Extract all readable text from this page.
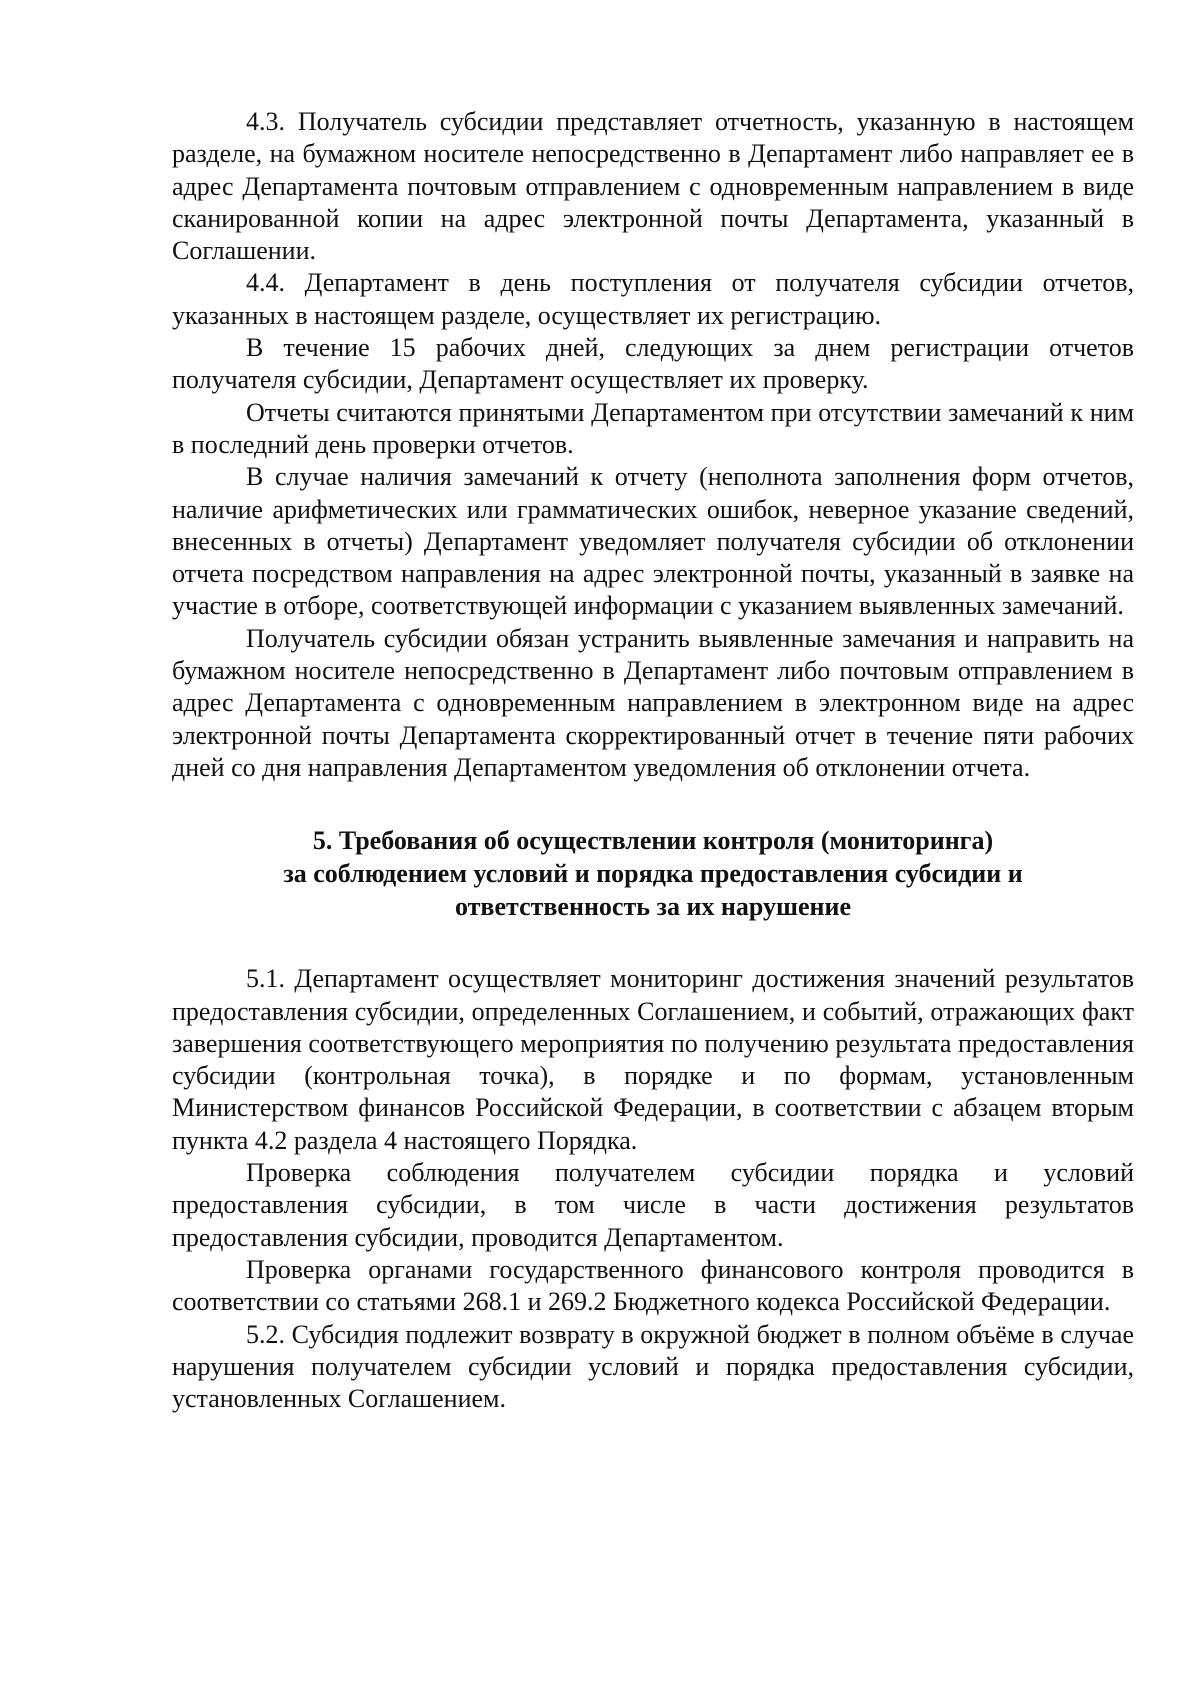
4.3. Получатель субсидии представляет отчетность, указанную в настоящем разделе, на бумажном носителе непосредственно в Департамент либо направляет ее в адрес Департамента почтовым отправлением с одновременным направлением в виде сканированной копии на адрес электронной почты Департамента, указанный в Соглашении.

4.4. Департамент в день поступления от получателя субсидии отчетов, указанных в настоящем разделе, осуществляет их регистрацию.

В течение 15 рабочих дней, следующих за днем регистрации отчетов получателя субсидии, Департамент осуществляет их проверку.

Отчеты считаются принятыми Департаментом при отсутствии замечаний к ним в последний день проверки отчетов.

В случае наличия замечаний к отчету (неполнота заполнения форм отчетов, наличие арифметических или грамматических ошибок, неверное указание сведений, внесенных в отчеты) Департамент уведомляет получателя субсидии об отклонении отчета посредством направления на адрес электронной почты, указанный в заявке на участие в отборе, соответствующей информации с указанием выявленных замечаний.

Получатель субсидии обязан устранить выявленные замечания и направить на бумажном носителе непосредственно в Департамент либо почтовым отправлением в адрес Департамента с одновременным направлением в электронном виде на адрес электронной почты Департамента скорректированный отчет в течение пяти рабочих дней со дня направления Департаментом уведомления об отклонении отчета.

5. Требования об осуществлении контроля (мониторинга)
за соблюдением условий и порядка предоставления субсидии и
ответственность за их нарушение

5.1. Департамент осуществляет мониторинг достижения значений результатов предоставления субсидии, определенных Соглашением, и событий, отражающих факт завершения соответствующего мероприятия по получению результата предоставления субсидии (контрольная точка), в порядке и по формам, установленным Министерством финансов Российской Федерации, в соответствии с абзацем вторым пункта 4.2 раздела 4 настоящего Порядка.

Проверка соблюдения получателем субсидии порядка и условий предоставления субсидии, в том числе в части достижения результатов предоставления субсидии, проводится Департаментом.

Проверка органами государственного финансового контроля проводится в соответствии со статьями 268.1 и 269.2 Бюджетного кодекса Российской Федерации.

5.2. Субсидия подлежит возврату в окружной бюджет в полном объёме в случае нарушения получателем субсидии условий и порядка предоставления субсидии, установленных Соглашением.
